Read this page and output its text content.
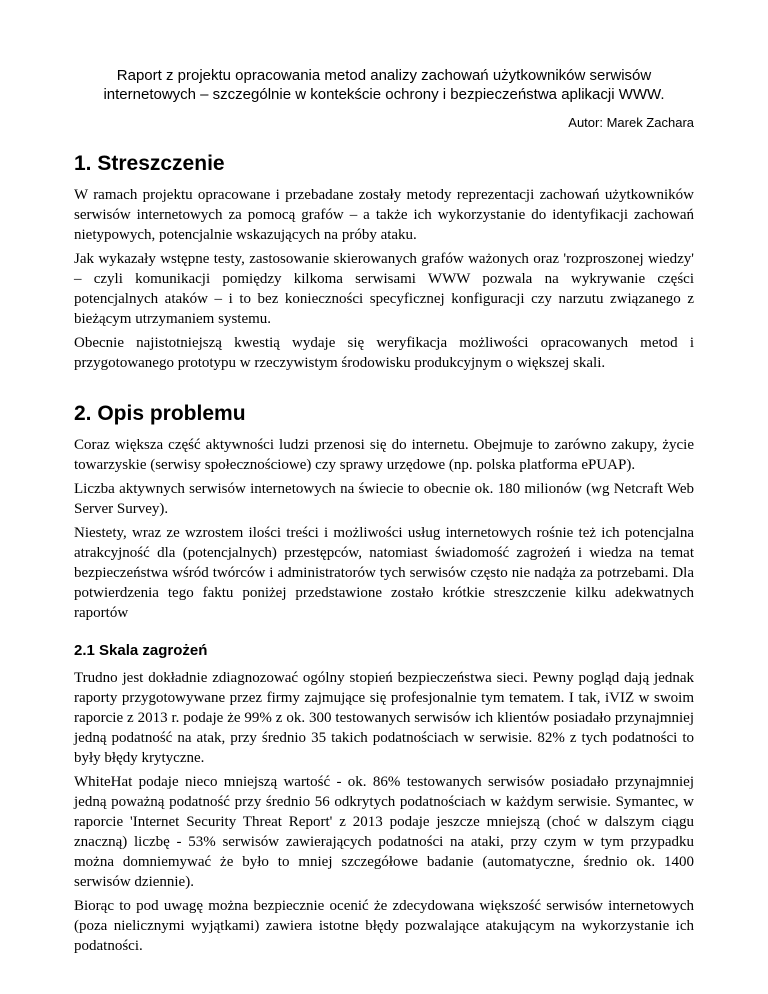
Raport z projektu opracowania metod analizy zachowań użytkowników serwisów
internetowych – szczególnie w kontekście ochrony i bezpieczeństwa aplikacji WWW.

Autor: Marek Zachara

1. Streszczenie

W ramach projektu opracowane i przebadane zostały metody reprezentacji zachowań użytkowników serwisów internetowych za pomocą grafów – a także ich wykorzystanie do identyfikacji zachowań nietypowych, potencjalnie wskazujących na próby ataku.

Jak wykazały wstępne testy, zastosowanie skierowanych grafów ważonych oraz 'rozproszonej wiedzy' – czyli komunikacji pomiędzy kilkoma serwisami WWW pozwala na wykrywanie części potencjalnych ataków – i to bez konieczności specyficznej konfiguracji czy narzutu związanego z bieżącym utrzymaniem systemu.

Obecnie najistotniejszą kwestią wydaje się weryfikacja możliwości opracowanych metod i przygotowanego prototypu w rzeczywistym środowisku produkcyjnym o większej skali.

2. Opis problemu

Coraz większa część aktywności ludzi przenosi się do internetu. Obejmuje to zarówno zakupy, życie towarzyskie (serwisy społecznościowe) czy sprawy urzędowe (np. polska platforma ePUAP).

Liczba aktywnych serwisów internetowych na świecie to obecnie ok. 180 milionów (wg Netcraft Web Server Survey).

Niestety, wraz ze wzrostem ilości treści i możliwości usług internetowych rośnie też ich potencjalna atrakcyjność dla (potencjalnych) przestępców, natomiast świadomość zagrożeń i wiedza na temat bezpieczeństwa wśród twórców i administratorów tych serwisów często nie nadąża za potrzebami. Dla potwierdzenia tego faktu poniżej przedstawione zostało krótkie streszczenie kilku adekwatnych raportów

2.1 Skala zagrożeń

Trudno jest dokładnie zdiagnozować ogólny stopień bezpieczeństwa sieci. Pewny pogląd dają jednak raporty przygotowywane przez firmy zajmujące się profesjonalnie tym tematem. I tak, iVIZ w swoim raporcie z 2013 r. podaje że 99% z ok. 300 testowanych serwisów ich klientów posiadało przynajmniej jedną podatność na atak, przy średnio 35 takich podatnościach w serwisie. 82% z tych podatności to były błędy krytyczne.

WhiteHat podaje nieco mniejszą wartość - ok. 86% testowanych serwisów posiadało przynajmniej jedną poważną podatność przy średnio 56 odkrytych podatnościach w każdym serwisie. Symantec, w raporcie 'Internet Security Threat Report' z 2013 podaje jeszcze mniejszą (choć w dalszym ciągu znaczną) liczbę - 53% serwisów zawierających podatności na ataki, przy czym w tym przypadku można domniemywać że było to mniej szczegółowe badanie (automatyczne, średnio ok. 1400 serwisów dziennie).

Biorąc to pod uwagę można bezpiecznie ocenić że zdecydowana większość serwisów internetowych (poza nielicznymi wyjątkami) zawiera istotne błędy pozwalające atakującym na wykorzystanie ich podatności.
